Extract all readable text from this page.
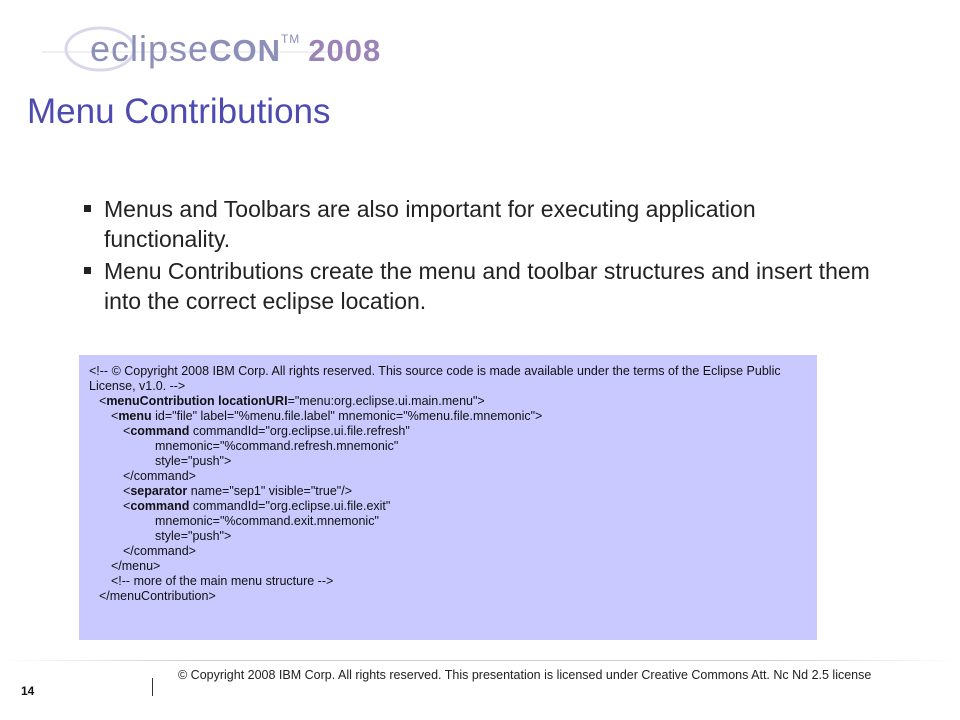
eclipseCON™ 2008
Menu Contributions
Menus and Toolbars are also important for executing application functionality.
Menu Contributions create the menu and toolbar structures and insert them into the correct eclipse location.
<!-- © Copyright 2008 IBM Corp. All rights reserved. This source code is made available under the terms of the Eclipse Public License, v1.0. -->
<menuContribution locationURI="menu:org.eclipse.ui.main.menu">
<menu id="file" label="%menu.file.label" mnemonic="%menu.file.mnemonic">
<command commandId="org.eclipse.ui.file.refresh"
mnemonic="%command.refresh.mnemonic"
style="push">
</command>
<separator name="sep1" visible="true"/>
<command commandId="org.eclipse.ui.file.exit"
mnemonic="%command.exit.mnemonic"
style="push">
</command>
</menu>
<!-- more of the main menu structure -->
</menuContribution>
14
© Copyright 2008 IBM Corp. All rights reserved. This presentation is licensed under Creative Commons Att. Nc Nd 2.5 license
